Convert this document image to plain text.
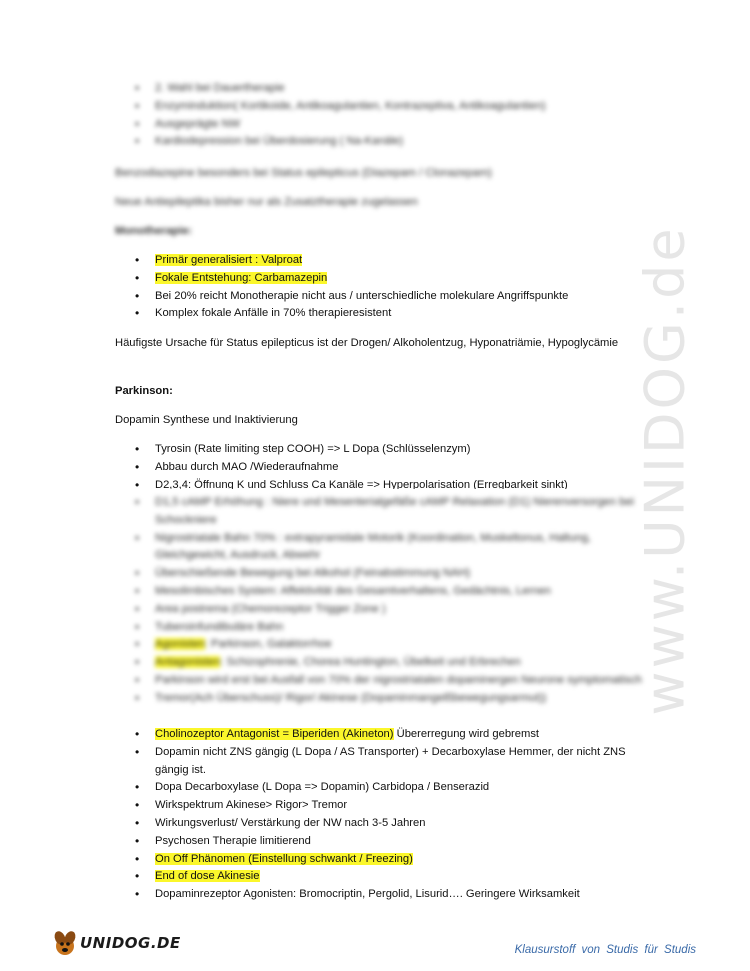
www.UNIDOG.de
• 2. Wahl bei Dauertherapie
• Enzyminduktion( Kortikoide, Antikoagulantien, Kontrazeptiva, Antikoagulantien)
• Ausgeprägte NW
• Kardiodepression bei Überdosierung ( Na-Kanäle)
Benzodiazepine besonders bei Status epilepticus (Diazepam / Clonazepam)
Neue Antiepileptika bisher nur als Zusatztherapie zugelassen
Monotherapie:
• Primär generalisiert : Valproat
• Fokale Entstehung: Carbamazepin
• Bei 20% reicht Monotherapie nicht aus / unterschiedliche molekulare Angriffspunkte
• Komplex fokale Anfälle in 70% therapieresistent
Häufigste Ursache für Status epilepticus ist der Drogen/ Alkoholentzug, Hyponatriämie, Hypoglycämie
Parkinson:
Dopamin Synthese und Inaktivierung
• Tyrosin (Rate limiting step COOH) => L Dopa (Schlüsselenzym)
• Abbau durch MAO /Wiederaufnahme
• D2,3,4: Öffnung K und Schluss Ca Kanäle => Hyperpolarisation (Erregbarkeit sinkt)
• D1,5 cAMP Erhöhung : Niere und Mesenterialgefäße cAMP Relaxation (D1) Nierenversorgen bei Schockniere
• Nigrostriatale Bahn 70% : extrapyramidale Motorik (Koordination, Muskeltonus, Haltung, Gleichgewicht, Ausdruck, Abwehr
• Überschießende Bewegung bei Alkohol (Feinabstimmung NAH)
• Mesolimbisches System: Affektivität des Gesamtverhaltens, Gedächtnis, Lernen
• Area postrema (Chemorezeptor Trigger Zone )
• Tuberoinfundibuläre Bahn
• Agonisten: Parkinson, Galaktorrhoe
• Antagonisten: Schizophrenie, Chorea Huntington, Übelkeit und Erbrechen
• Parkinson wird erst bei Ausfall von 70% der nigrostriatalen dopaminergen Neurone symptomatisch
• Tremor(Ach Überschuss)/ Rigor/ Akinese (Dopaminmangelßbewegungsarmut))
• Cholinozeptor Antagonist = Biperiden (Akineton) Übererregung wird gebremst
• Dopamin nicht ZNS gängig (L Dopa / AS Transporter) + Decarboxylase Hemmer, der nicht ZNS gängig ist.
• Dopa Decarboxylase (L Dopa => Dopamin) Carbidopa / Benserazid
• Wirkspektrum Akinese> Rigor> Tremor
• Wirkungsverlust/ Verstärkung der NW nach 3-5 Jahren
• Psychosen Therapie limitierend
• On Off Phänomen (Einstellung schwankt / Freezing)
• End of dose Akinesie
• Dopaminrezeptor Agonisten: Bromocriptin, Pergolid, Lisurid…. Geringere Wirksamkeit
UNIDOG.DE	Klausurstoff von Studis für Studis
